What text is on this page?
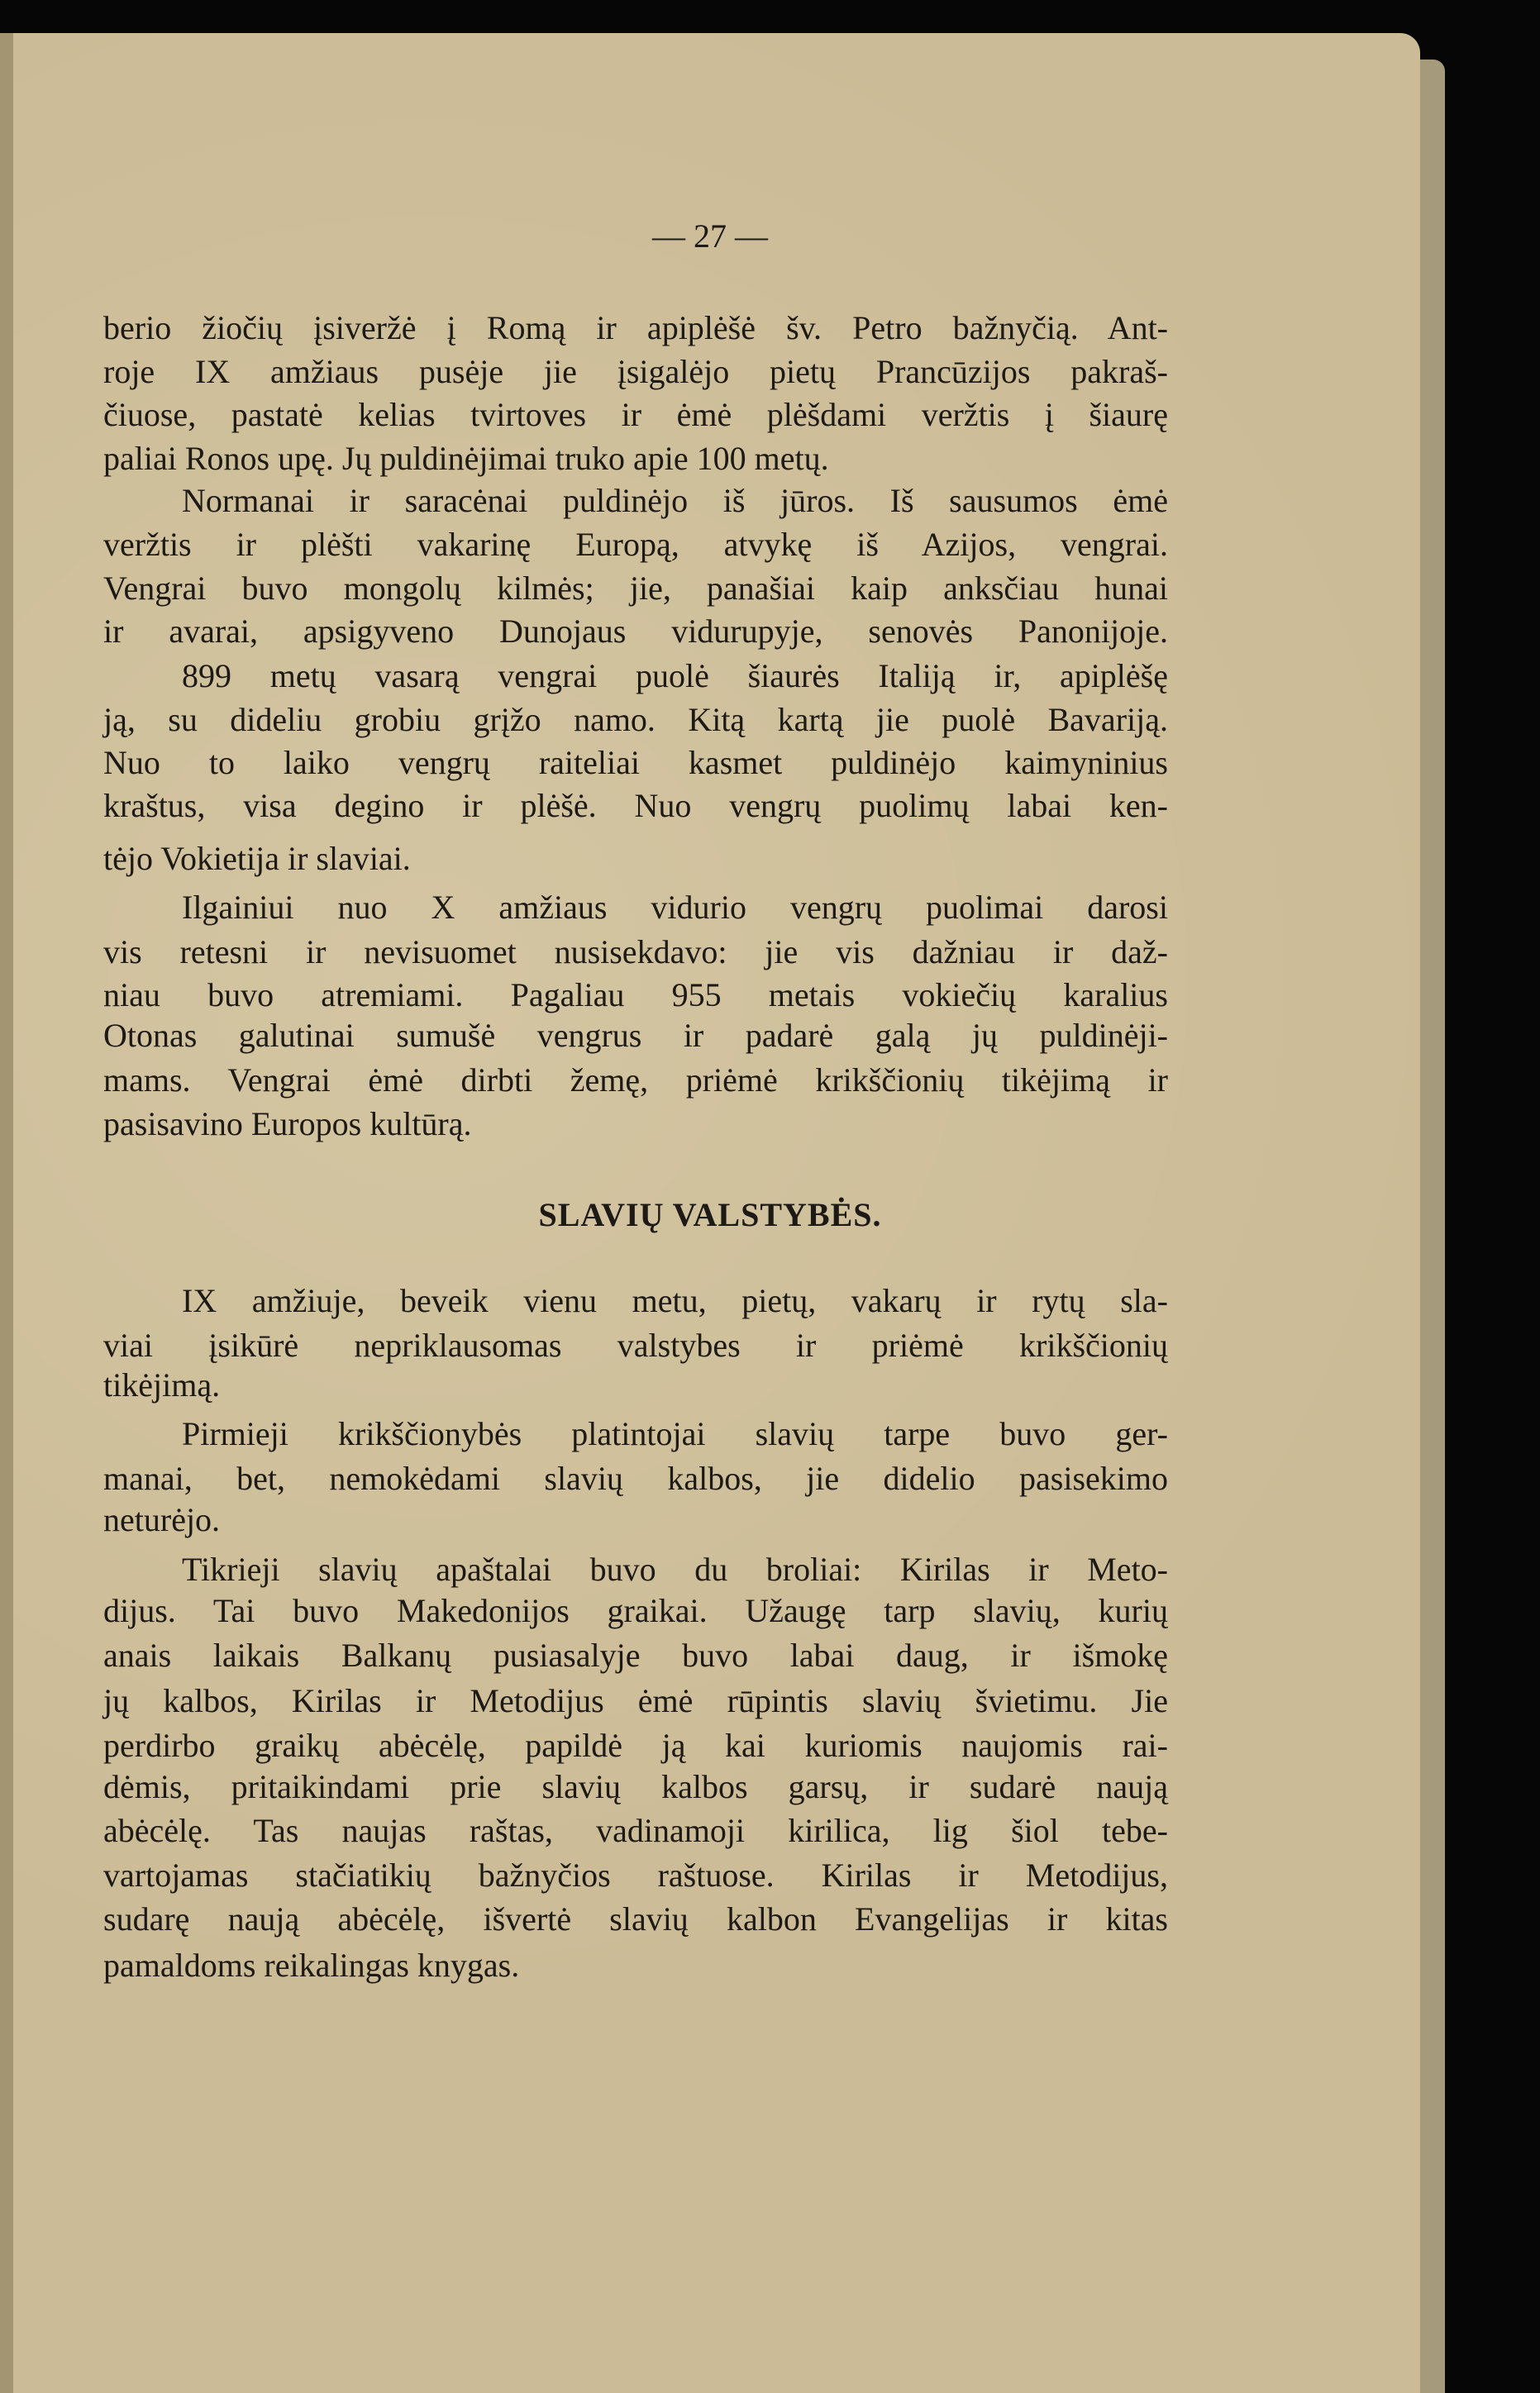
— 27 —
berio žiočių įsiveržė į Romą ir apiplėšė šv. Petro bažnyčią. Ant-
roje IX amžiaus pusėje jie įsigalėjo pietų Prancūzijos pakraš-
čiuose, pastatė kelias tvirtoves ir ėmė plėšdami veržtis į šiaurę
paliai Ronos upę. Jų puldinėjimai truko apie 100 metų.
Normanai ir saracėnai puldinėjo iš jūros. Iš sausumos ėmė
veržtis ir plėšti vakarinę Europą, atvykę iš Azijos, vengrai.
Vengrai buvo mongolų kilmės; jie, panašiai kaip anksčiau hunai
ir avarai, apsigyveno Dunojaus vidurupyje, senovės Panonijoje.
899 metų vasarą vengrai puolė šiaurės Italiją ir, apiplėšę
ją, su dideliu grobiu grįžo namo. Kitą kartą jie puolė Bavariją.
Nuo to laiko vengrų raiteliai kasmet puldinėjo kaimyninius
kraštus, visa degino ir plėšė. Nuo vengrų puolimų labai ken-
tėjo Vokietija ir slaviai.
Ilgainiui nuo X amžiaus vidurio vengrų puolimai darosi
vis retesni ir nevisuomet nusisekdavo: jie vis dažniau ir daž-
niau buvo atremiami. Pagaliau 955 metais vokiečių karalius
Otonas galutinai sumušė vengrus ir padarė galą jų puldinėji-
mams. Vengrai ėmė dirbti žemę, priėmė krikščionių tikėjimą ir
pasisavino Europos kultūrą.
SLAVIŲ VALSTYBĖS.
IX amžiuje, beveik vienu metu, pietų, vakarų ir rytų sla-
viai įsikūrė nepriklausomas valstybes ir priėmė krikščionių
tikėjimą.
Pirmieji krikščionybės platintojai slavių tarpe buvo ger-
manai, bet, nemokėdami slavių kalbos, jie didelio pasisekimo
neturėjo.
Tikrieji slavių apaštalai buvo du broliai: Kirilas ir Meto-
dijus. Tai buvo Makedonijos graikai. Užaugę tarp slavių, kurių
anais laikais Balkanų pusiasalyje buvo labai daug, ir išmokę
jų kalbos, Kirilas ir Metodijus ėmė rūpintis slavių švietimu. Jie
perdirbo graikų abėcėlę, papildė ją kai kuriomis naujomis rai-
dėmis, pritaikindami prie slavių kalbos garsų, ir sudarė naują
abėcėlę. Tas naujas raštas, vadinamoji kirilica, lig šiol tebe-
vartojamas stačiatikių bažnyčios raštuose. Kirilas ir Metodijus,
sudarę naują abėcėlę, išvertė slavių kalbon Evangelijas ir kitas
pamaldoms reikalingas knygas.
